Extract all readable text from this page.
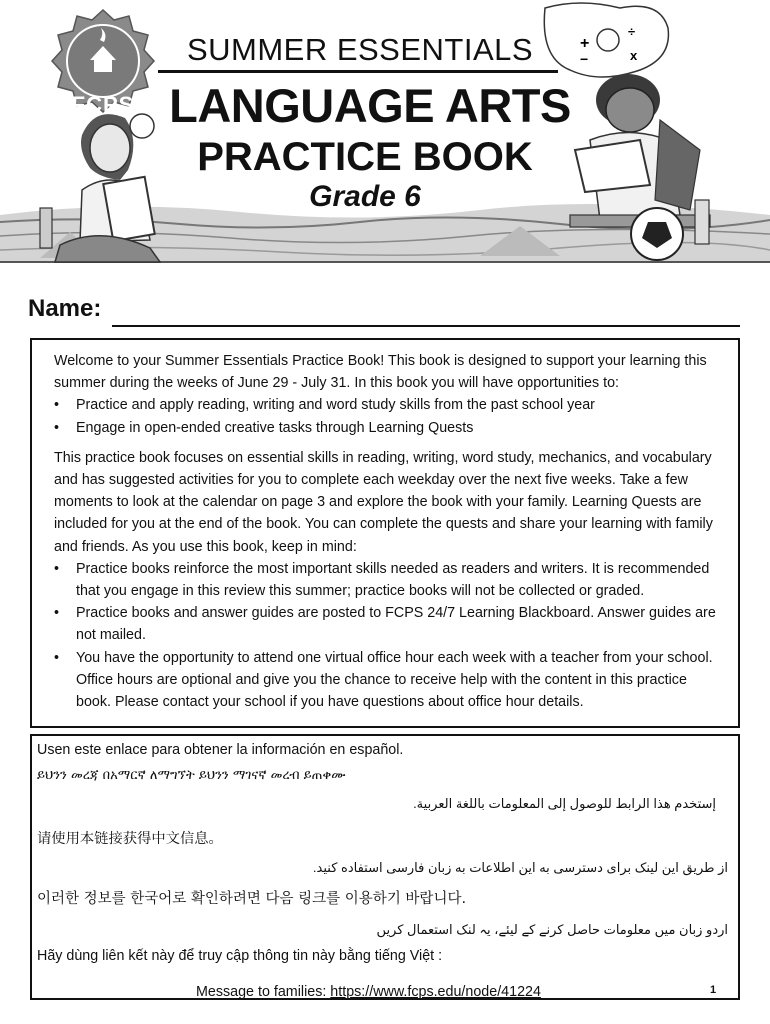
+
÷
−	x
FCPS
SUMMER ESSENTIALS
LANGUAGE ARTS
PRACTICE BOOK
Grade 6
Name:

Welcome to your Summer Essentials Practice Book! This book is designed to support your learning this summer during the weeks of June 29 - July 31. In this book you will have opportunities to:

• Practice and apply reading, writing and word study skills from the past school year
• Engage in open-ended creative tasks through Learning Quests

This practice book focuses on essential skills in reading, writing, word study, mechanics, and vocabulary and has suggested activities for you to complete each weekday over the next five weeks. Take a few moments to look at the calendar on page 3 and explore the book with your family. Learning Quests are included for you at the end of the book. You can complete the quests and share your learning with family and friends. As you use this book, keep in mind:

• Practice books reinforce the most important skills needed as readers and writers. It is recommended that you engage in this review this summer; practice books will not be collected or graded.
• Practice books and answer guides are posted to FCPS 24/7 Learning Blackboard. Answer guides are not mailed.
• You have the opportunity to attend one virtual office hour each week with a teacher from your school. Office hours are optional and give you the chance to receive help with the content in this practice book. Please contact your school if you have questions about office hour details.
Usen este enlace para obtener la información en español.
ይህንን መረጃ በአማርኛ ለማግኘት ይህንን ማገናኛ መረብ ይጠቀሙ
إستخدم هذا الرابط للوصول إلى المعلومات باللغة العربية.
请使用本链接获得中文信息。
از طریق این لینک برای دسترسی به این اطلاعات به زبان فارسی استفاده کنید.
이러한 정보를 한국어로 확인하려면 다음 링크를 이용하기 바랍니다.
اردو زبان میں معلومات حاصل کرنے کے لیئے، یہ لنک استعمال کریں
Hãy dùng liên kết này để truy cập thông tin này bằng tiếng Việt :
Message to families: https://www.fcps.edu/node/41224	1
